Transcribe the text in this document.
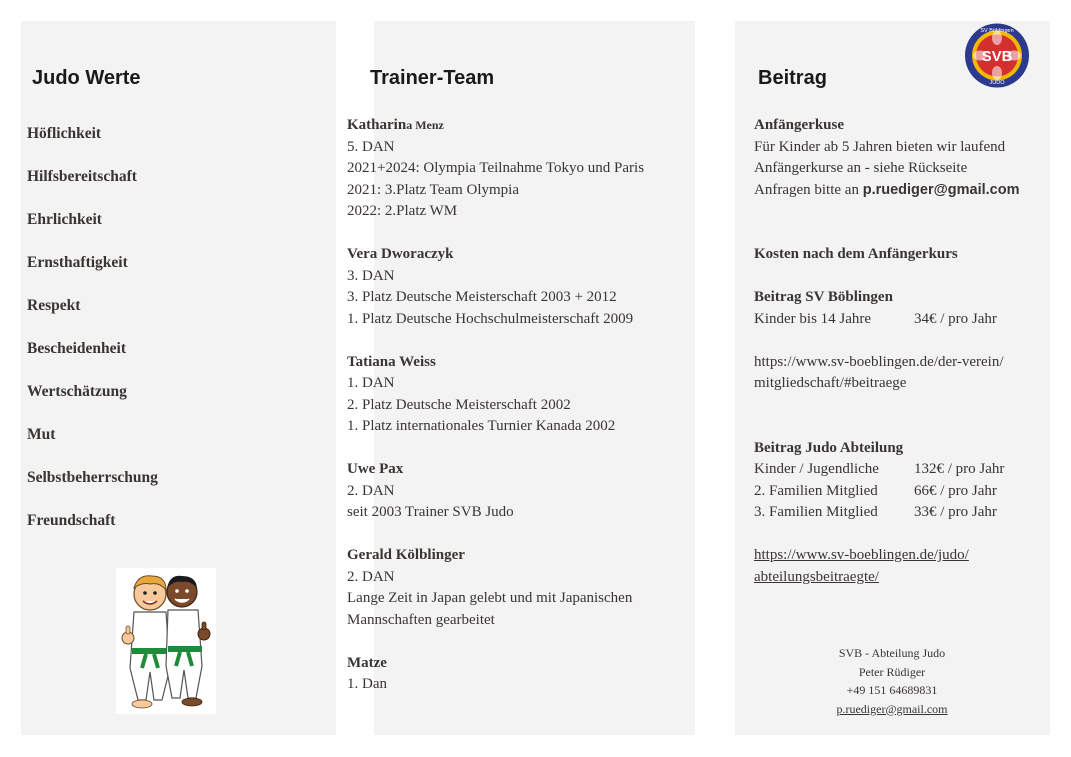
Judo Werte
Höflichkeit
Hilfsbereitschaft
Ehrlichkeit
Ernsthaftigkeit
Respekt
Bescheidenheit
Wertschätzung
Mut
Selbstbeherrschung
Freundschaft
Trainer-Team
Katharina Menz
5. DAN
2021+2024: Olympia Teilnahme Tokyo und Paris
2021: 3.Platz Team Olympia
2022: 2.Platz WM
Vera Dworaczyk
3. DAN
3. Platz Deutsche Meisterschaft 2003 + 2012
1. Platz Deutsche Hochschulmeisterschaft 2009
Tatiana Weiss
1. DAN
2. Platz Deutsche Meisterschaft 2002
1. Platz internationales Turnier Kanada 2002
Uwe Pax
2. DAN
seit 2003 Trainer SVB Judo
Gerald Kölblinger
2. DAN
Lange Zeit in Japan gelebt und mit Japanischen
Mannschaften gearbeitet
Matze
1. Dan
Beitrag
SVB
SV Böblingen
JUDO
Anfängerkuse
Für Kinder ab 5 Jahren bieten wir laufend
Anfängerkurse an - siehe Rückseite
Anfragen bitte an p.ruediger@gmail.com
Kosten nach dem Anfängerkurs
Beitrag SV Böblingen
Kinder bis 14 Jahre	34€ / pro Jahr
https://www.sv-boeblingen.de/der-verein/
mitgliedschaft/#beitraege
Beitrag Judo Abteilung
Kinder / Jugendliche	132€ / pro Jahr
2. Familien Mitglied	66€ / pro Jahr
3. Familien Mitglied	33€ / pro Jahr
https://www.sv-boeblingen.de/judo/
abteilungsbeitraegte/
SVB - Abteilung Judo
Peter Rüdiger
+49 151 64689831
p.ruediger@gmail.com
